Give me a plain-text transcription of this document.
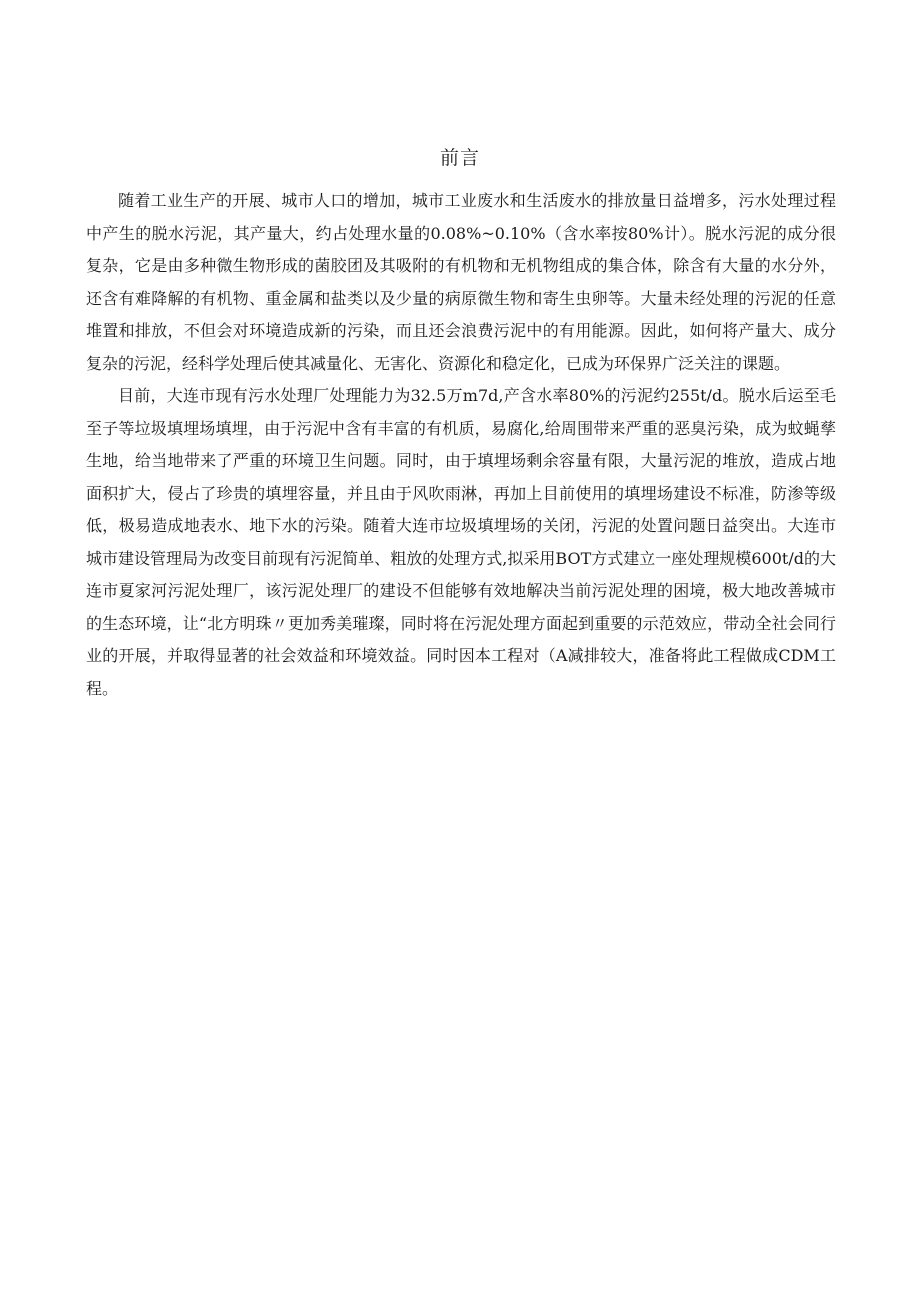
前言

随着工业生产的开展、城市人口的增加，城市工业废水和生活废水的排放量日益增多，污水处理过程中产生的脱水污泥，其产量大，约占处理水量的0.08%~0.10%（含水率按80%计）。脱水污泥的成分很复杂，它是由多种微生物形成的菌胶团及其吸附的有机物和无机物组成的集合体，除含有大量的水分外，还含有难降解的有机物、重金属和盐类以及少量的病原微生物和寄生虫卵等。大量未经处理的污泥的任意堆置和排放，不但会对环境造成新的污染，而且还会浪费污泥中的有用能源。因此，如何将产量大、成分复杂的污泥，经科学处理后使其减量化、无害化、资源化和稳定化，已成为环保界广泛关注的课题。

目前，大连市现有污水处理厂处理能力为32.5万m7d,产含水率80%的污泥约255t∕d。脱水后运至毛至子等垃圾填埋场填埋，由于污泥中含有丰富的有机质，易腐化,给周围带来严重的恶臭污染，成为蚊蝇孳生地，给当地带来了严重的环境卫生问题。同时，由于填埋场剩余容量有限，大量污泥的堆放，造成占地面积扩大，侵占了珍贵的填埋容量，并且由于风吹雨淋，再加上目前使用的填埋场建设不标准，防渗等级低，极易造成地表水、地下水的污染。随着大连市垃圾填埋场的关闭，污泥的处置问题日益突出。大连市城市建设管理局为改变目前现有污泥简单、粗放的处理方式,拟采用BOT方式建立一座处理规模600t∕d的大连市夏家河污泥处理厂，该污泥处理厂的建设不但能够有效地解决当前污泥处理的困境，极大地改善城市的生态环境，让“北方明珠〃更加秀美璀璨，同时将在污泥处理方面起到重要的示范效应，带动全社会同行业的开展，并取得显著的社会效益和环境效益。同时因本工程对（A减排较大，准备将此工程做成CDM工程。
